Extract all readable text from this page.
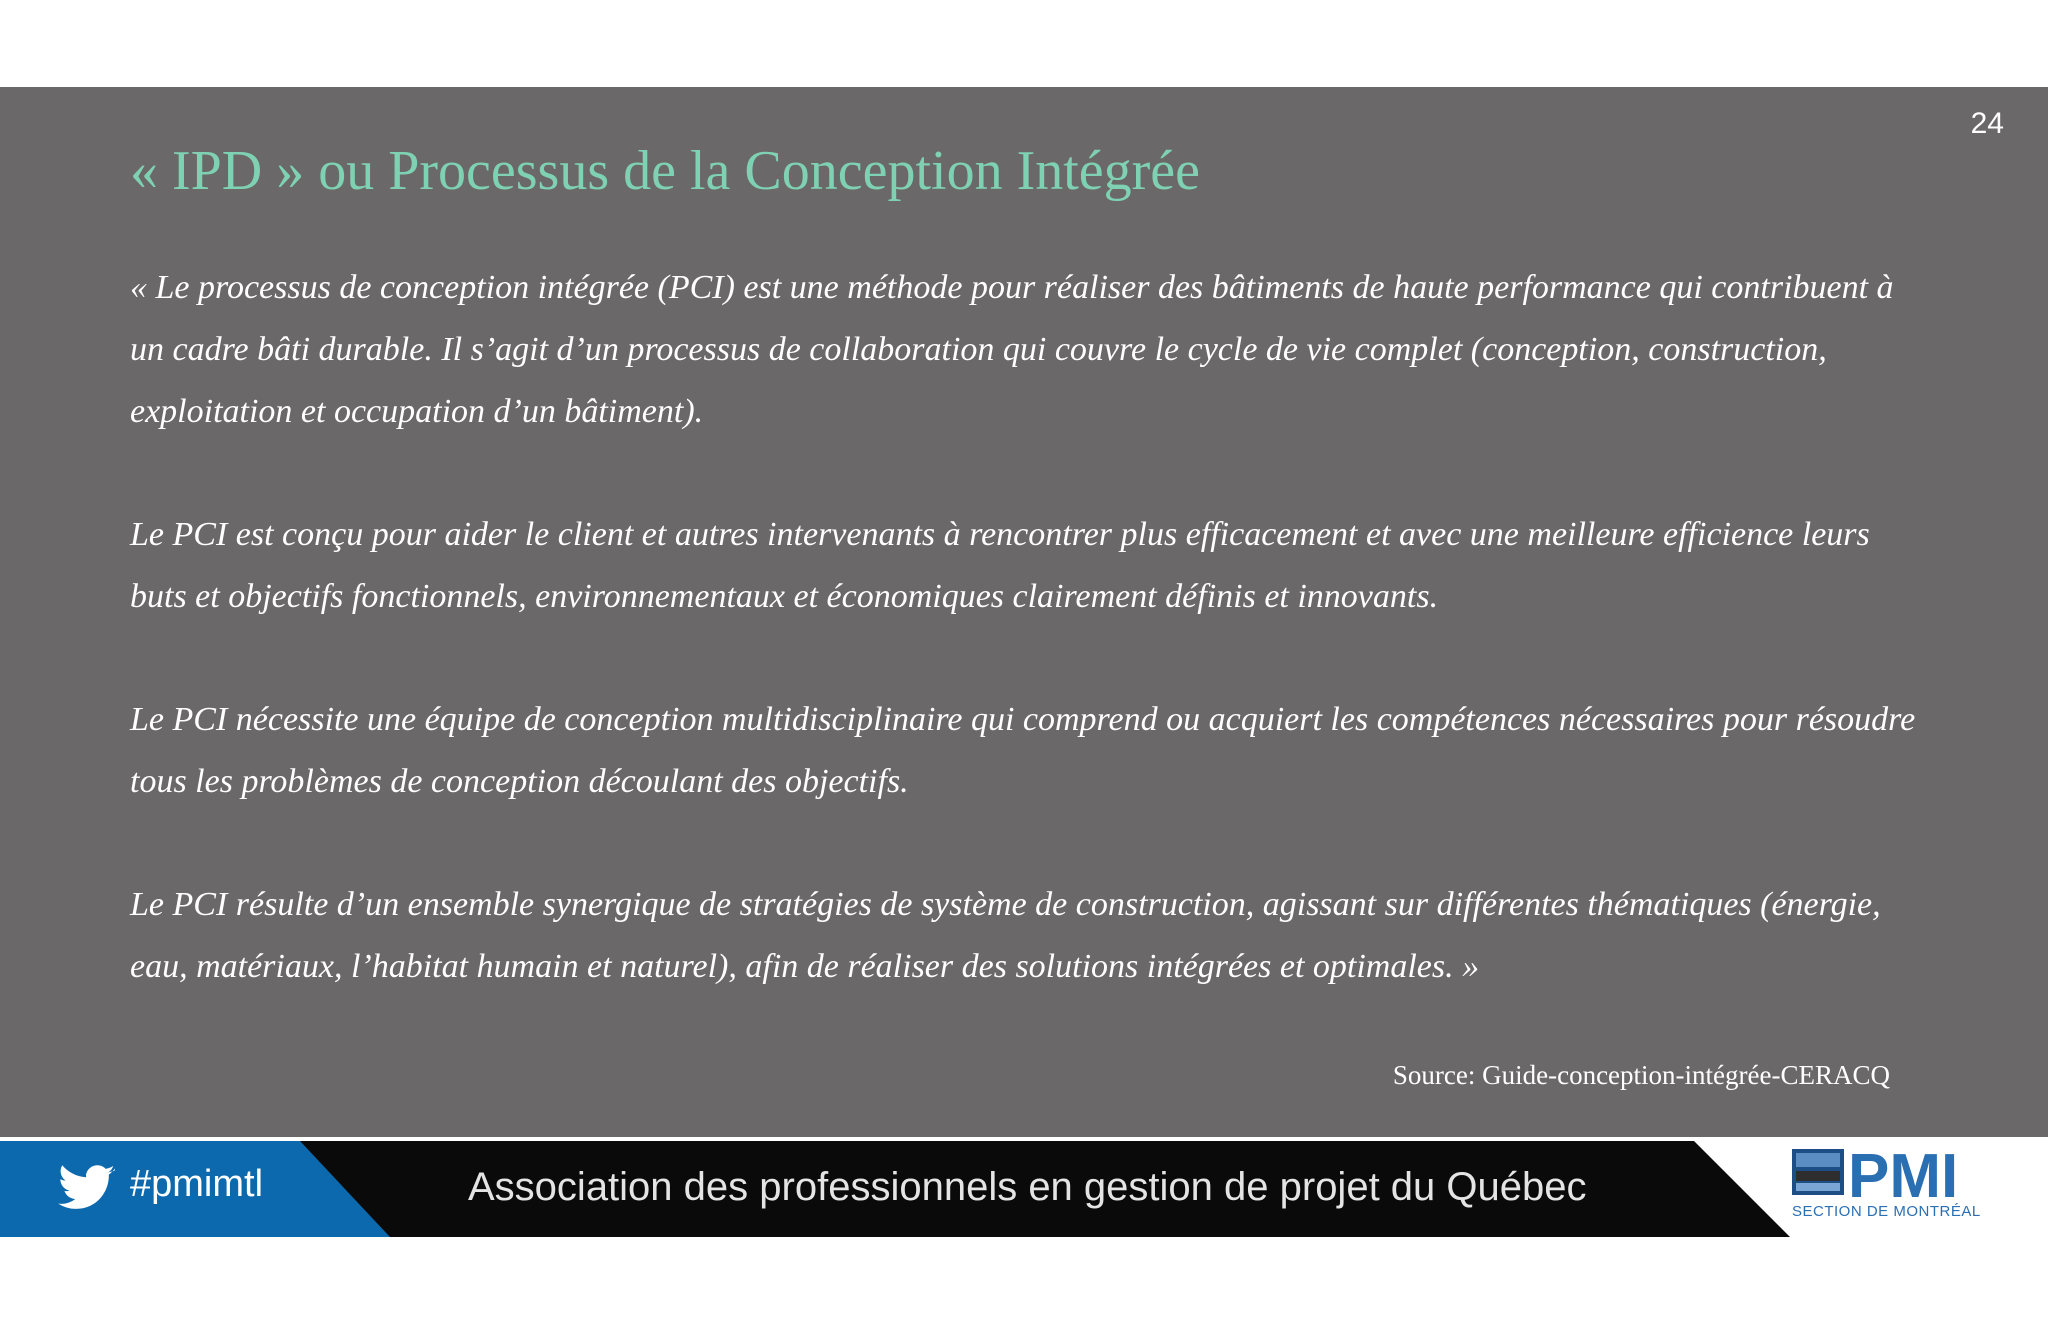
24
« IPD » ou Processus de la Conception Intégrée

« Le processus de conception intégrée (PCI) est une méthode pour réaliser des bâtiments de haute performance qui contribuent à un cadre bâti durable. Il s’agit d’un processus de collaboration qui couvre le cycle de vie complet (conception, construction, exploitation et occupation d’un bâtiment).

Le PCI est conçu pour aider le client et autres intervenants à rencontrer plus efficacement et avec une meilleure efficience leurs buts et objectifs fonctionnels, environnementaux et économiques clairement définis et innovants.

Le PCI nécessite une équipe de conception multidisciplinaire qui comprend ou acquiert les compétences nécessaires pour résoudre tous les problèmes de conception découlant des objectifs.

Le PCI résulte d’un ensemble synergique de stratégies de système de construction, agissant sur différentes thématiques (énergie, eau, matériaux, l’habitat humain et naturel), afin de réaliser des solutions intégrées et optimales. »

Source: Guide-conception-intégrée-CERACQ
#pmimtl	Association des professionnels en gestion de projet du Québec	PMI
SECTION DE MONTRÉAL
